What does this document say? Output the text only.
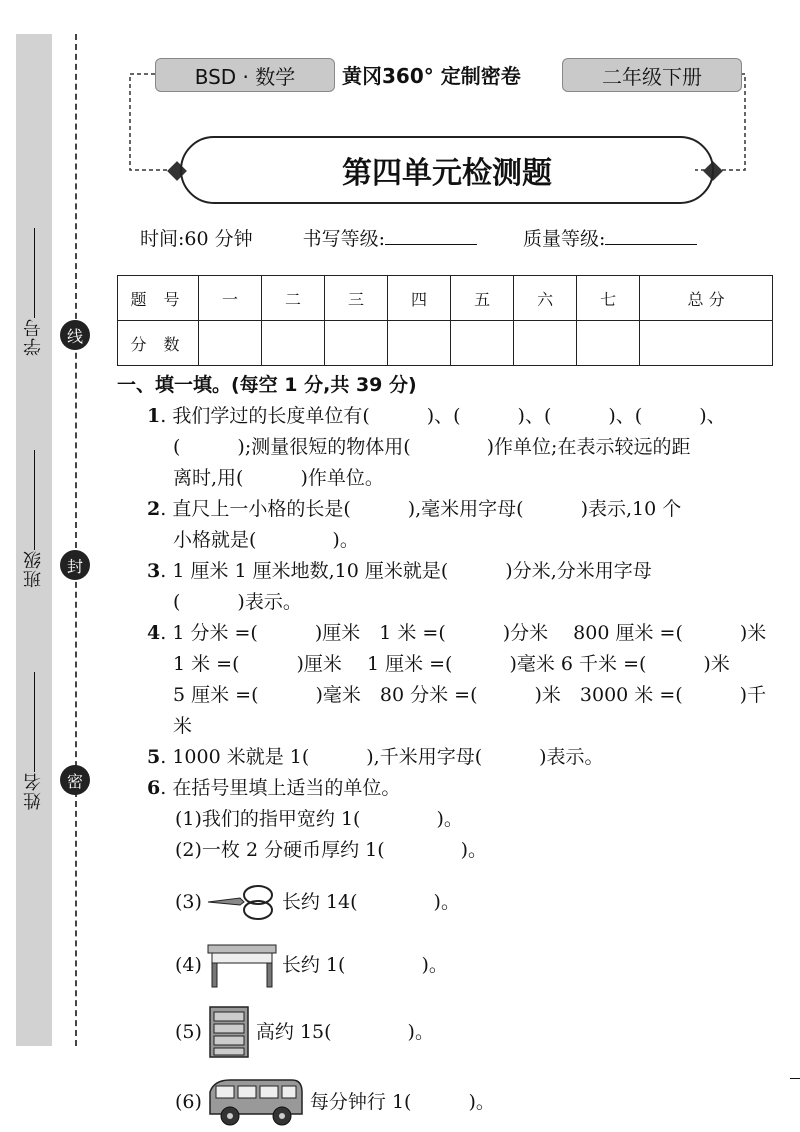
学号
班级
姓名
线
封
密
BSD · 数学	黄冈360° 定制密卷	二年级下册
第四单元检测题
时间:60 分钟	书写等级:	质量等级:
题 号	一	二	三	四	五	六	七	总 分
分 数								
一、填一填。(每空 1 分,共 39 分)
1. 我们学过的长度单位有(　　　)、(　　　)、(　　　)、(　　　)、
(　　　);测量很短的物体用(　　　　)作单位;在表示较远的距
离时,用(　　　)作单位。
2. 直尺上一小格的长是(　　　),毫米用字母(　　　)表示,10 个
小格就是(　　　　)。
3. 1 厘米 1 厘米地数,10 厘米就是(　　　)分米,分米用字母
(　　　)表示。
4. 1 分米 =(　　　)厘米　1 米 =(　　　)分米　 800 厘米 =(　　　)米
1 米 =(　　　)厘米　 1 厘米 =(　　　)毫米 6 千米 =(　　　)米
5 厘米 =(　　　)毫米　80 分米 =(　　　)米　3000 米 =(　　　)千米
5. 1000 米就是 1(　　　),千米用字母(　　　)表示。
6. 在括号里填上适当的单位。
(1)我们的指甲宽约 1(　　　　)。
(2)一枚 2 分硬币厚约 1(　　　　)。
(3)	长约 14(　　　　)。
(4)	长约 1(　　　　)。
(5)	高约 15(　　　　)。
(6)	每分钟行 1(　　　)。
